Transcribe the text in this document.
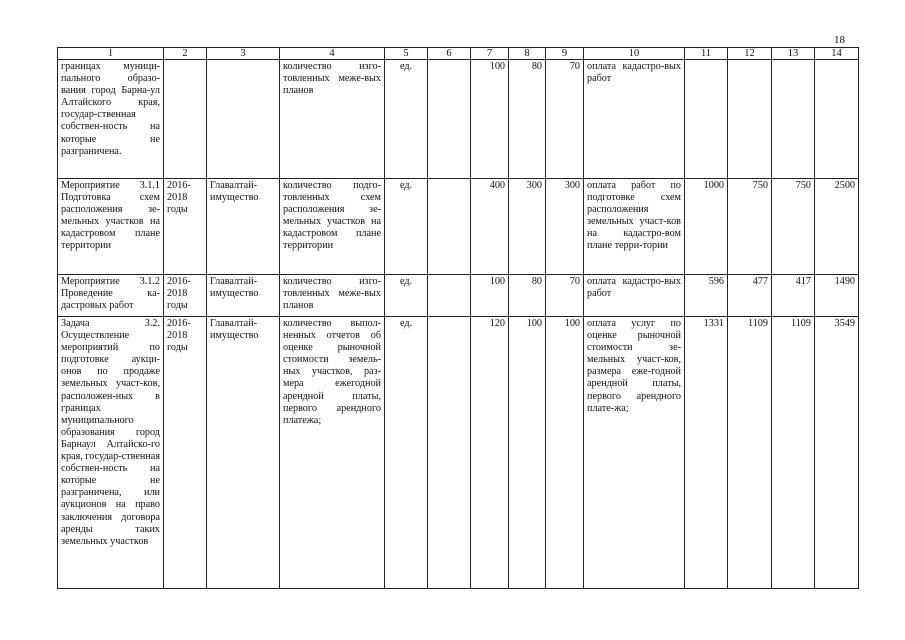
18
1	2	3	4	5	6	7	8	9	10	11	12	13	14
границах муници-пального образо-вания город Барна-ул Алтайского края, государ-ственная собствен-ность на которые не разграничена.			количество изго-товленных меже-вых планов	ед.		100	80	70	оплата кадастро-вых работ				
Мероприятие 3.1.1 Подготовка схем расположения зе-мельных участков на кадастровом плане территории	2016-2018 годы	Главалтай-имущество	количество подго-товленных схем расположения зе-мельных участков на кадастровом плане территории	ед.		400	300	300	оплата работ по подготовке схем расположения земельных участ-ков на кадастро-вом плане терри-тории	1000	750	750	2500
Мероприятие 3.1.2 Проведение ка-дастровых работ	2016-2018 годы	Главалтай-имущество	количество изго-товленных меже-вых планов	ед.		100	80	70	оплата кадастро-вых работ	596	477	417	1490
Задача 3.2. Осуществление мероприятий по подготовке аукци-онов по продаже земельных участ-ков, расположен-ных в границах муниципального образования город Барнаул Алтайско-го края, государ-ственная собствен-ность на которые не разграничена, или аукционов на право заключения договора аренды таких земельных участков	2016-2018 годы	Главалтай-имущество	количество выпол-ненных отчетов об оценке рыночной стоимости земель-ных участков, раз-мера ежегодной арендной платы, первого арендного платежа;	ед.		120	100	100	оплата услуг по оценке рыночной стоимости зе-мельных участ-ков, размера еже-годной арендной платы, первого арендного плате-жа;	1331	1109	1109	3549
